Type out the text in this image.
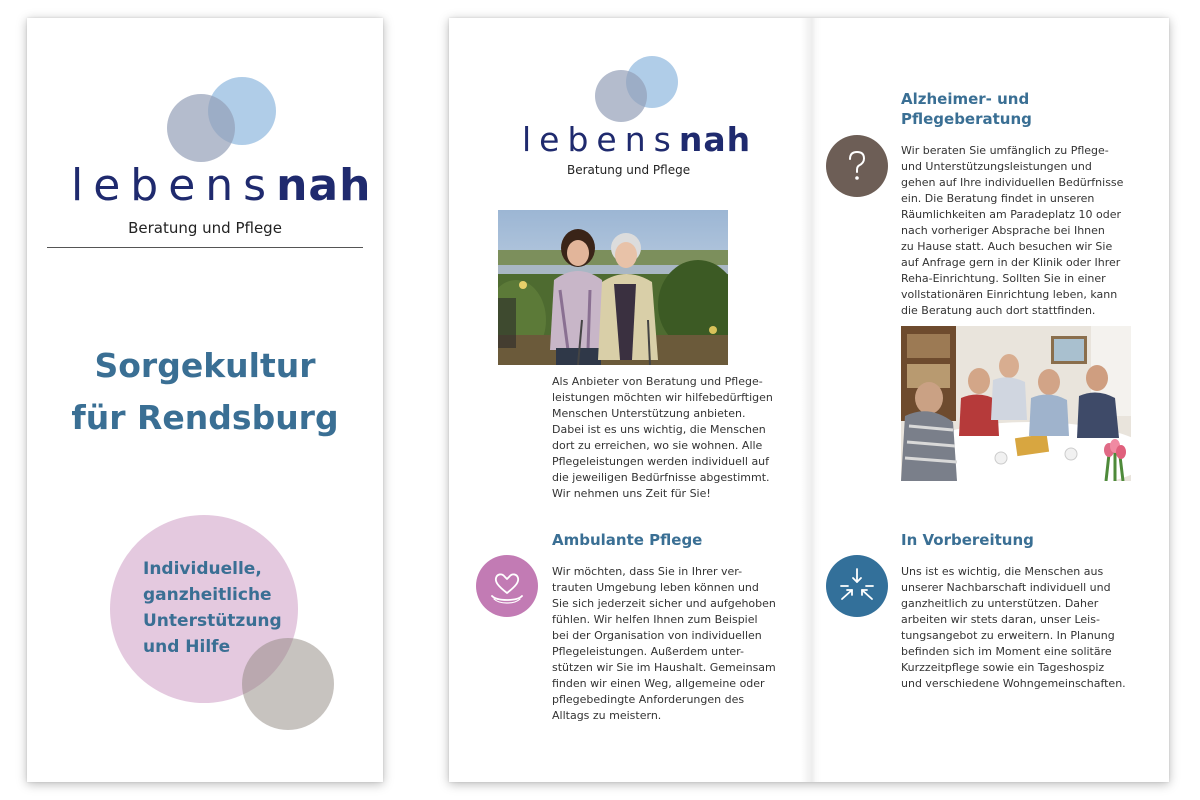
lebensnah
Beratung und Pflege
Sorgekultur
für Rendsburg
Individuelle,
ganzheitliche
Unterstützung
und Hilfe
lebensnah
Beratung und Pflege
Als Anbieter von Beratung und Pflege-
leistungen möchten wir hilfebedürftigen
Menschen Unterstützung anbieten.
Dabei ist es uns wichtig, die Menschen
dort zu erreichen, wo sie wohnen. Alle
Pflegeleistungen werden individuell auf
die jeweiligen Bedürfnisse abgestimmt.
Wir nehmen uns Zeit für Sie!
Ambulante Pflege
Wir möchten, dass Sie in Ihrer ver-
trauten Umgebung leben können und
Sie sich jederzeit sicher und aufgehoben
fühlen. Wir helfen Ihnen zum Beispiel
bei der Organisation von individuellen
Pflegeleistungen. Außerdem unter-
stützen wir Sie im Haushalt. Gemeinsam
finden wir einen Weg, allgemeine oder
pflegebedingte Anforderungen des
Alltags zu meistern.
Alzheimer- und
Pflegeberatung
Wir beraten Sie umfänglich zu Pflege-
und Unterstützungsleistungen und
gehen auf Ihre individuellen Bedürfnisse
ein. Die Beratung findet in unseren
Räumlichkeiten am Paradeplatz 10 oder
nach vorheriger Absprache bei Ihnen
zu Hause statt. Auch besuchen wir Sie
auf Anfrage gern in der Klinik oder Ihrer
Reha-Einrichtung. Sollten Sie in einer
vollstationären Einrichtung leben, kann
die Beratung auch dort stattfinden.
In Vorbereitung
Uns ist es wichtig, die Menschen aus
unserer Nachbarschaft individuell und
ganzheitlich zu unterstützen. Daher
arbeiten wir stets daran, unser Leis-
tungsangebot zu erweitern. In Planung
befinden sich im Moment eine solitäre
Kurzzeitpflege sowie ein Tageshospiz
und verschiedene Wohngemeinschaften.
